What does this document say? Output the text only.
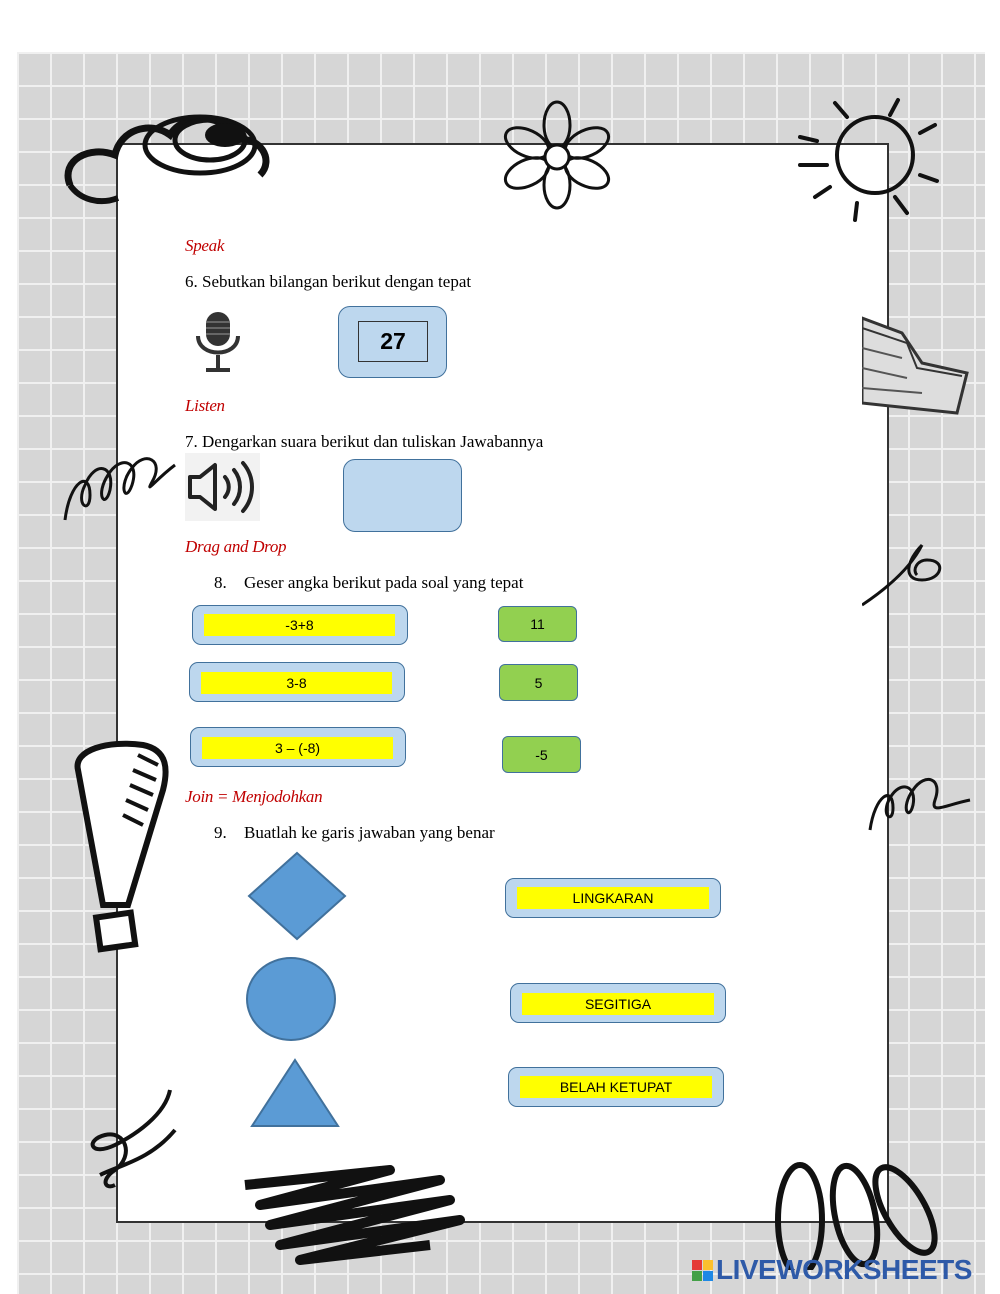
Speak
6. Sebutkan bilangan berikut dengan tepat
27
Listen
7. Dengarkan suara berikut dan tuliskan Jawabannya
Drag and Drop
8. Geser angka berikut pada soal yang tepat
-3+8
3-8
3 – (-8)
11
5
-5
Join = Menjodohkan
9. Buatlah ke garis jawaban yang benar
LINGKARAN
SEGITIGA
BELAH KETUPAT
LIVEWORKSHEETS
